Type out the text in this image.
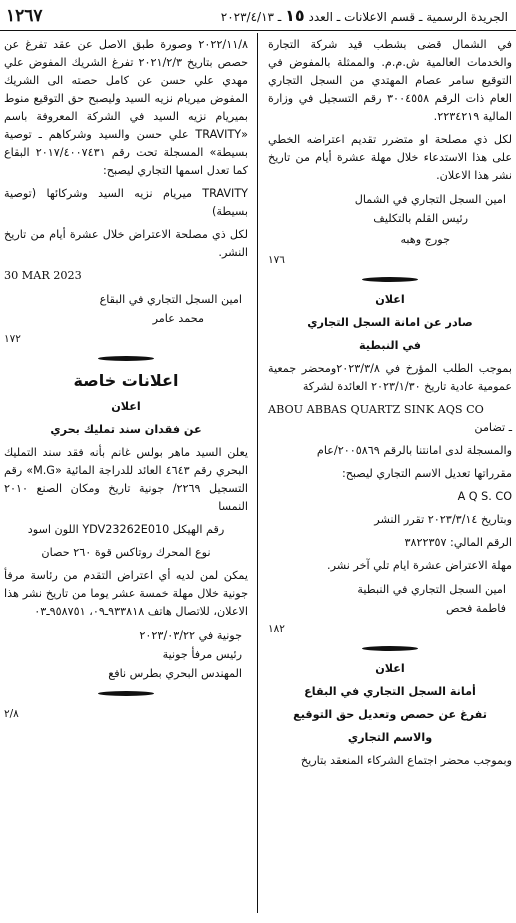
١٢٦٧	الجريدة الرسمية ـ قسم الاعلانات ـ العدد ١٥ ـ ٢٠٢٣/٤/١٣

في الشمال قضى بشطب قيد شركة التجارة والخدمات العالمية ش.م.م. والممثلة بالمفوض في التوقيع سامر عصام المهتدي من السجل التجاري العام ذات الرقم ٣٠٠٤٥٥٨ رقم التسجيل في وزارة المالية ٢٢٣٤٢١٩.

لكل ذي مصلحة او متضرر تقديم اعتراضه الخطي على هذا الاستدعاء خلال مهلة عشرة أيام من تاريخ نشر هذا الاعلان.

امين السجل التجاري في الشمال

رئيس القلم بالتكليف

جورج وهبه

١٧٦

اعلان

صادر عن امانة السجل التجاري

في النبطية

بموجب الطلب المؤرخ في ٢٠٢٣/٣/٨ومحضر جمعية عمومية عادية تاريخ ٢٠٢٣/١/٣٠ العائدة لشركة

ABOU ABBAS QUARTZ SINK AQS CO

ـ تضامن

والمسجلة لدى امانتنا بالرقم ٢٠٠٥٨٦٩/عام

مقرراتها تعديل الاسم التجاري ليصبح:

A Q S. CO

وبتاريخ ٢٠٢٣/٣/١٤ تقرر النشر

الرقم المالي: ٣٨٢٢٣٥٧

مهلة الاعتراض عشرة ايام تلي آخر نشر.

امين السجل التجاري في النبطية

فاطمة فحص

١٨٢

اعلان

أمانة السجل التجاري في البقاع

تفرغ عن حصص وتعديل حق التوقيع

والاسم التجاري

وبموجب محضر اجتماع الشركاء المنعقد بتاريخ

٢٠٢٢/١١/٨ وصورة طبق الاصل عن عقد تفرغ عن حصص بتاريخ ٢٠٢١/٢/٣ تفرغ الشريك المفوض علي مهدي علي حسن عن كامل حصته الى الشريك المفوض ميريام نزيه السيد وليصبح حق التوقيع منوط بميريام نزيه السيد في الشركة المعروفة باسم «TRAVITY علي حسن والسيد وشركاهم ـ توصية بسيطة» المسجلة تحت رقم ٢٠١٧/٤٠٠٧٤٣١ البقاع كما تعدل اسمها التجاري ليصبح:

TRAVITY ميريام نزيه السيد وشركائها (توصية بسيطة)

لكل ذي مصلحة الاعتراض خلال عشرة أيام من تاريخ النشر.

30 MAR 2023

امين السجل التجاري في البقاع

محمد عامر

١٧٢
اعلانات خاصة

اعلان

عن فقدان سند تمليك بحري

يعلن السيد ماهر بولس غانم بأنه فقد سند التمليك البحري رقم ٤٦٤٣ العائد للدراجة المائية «M.G» رقم التسجيل ٢٢٦٩/ جونية تاريخ ومكان الصنع ٢٠١٠ النمسا

رقم الهيكل YDV23262E010 اللون اسود

نوع المحرك روتاكس قوة ٢٦٠ حصان

يمكن لمن لديه أي اعتراض التقدم من رئاسة مرفأ جونية خلال مهلة خمسة عشر يوما من تاريخ نشر هذا الاعلان، للاتصال هاتف ٩٣٣٨١٨ـ٠٩، ٩٥٨٧٥١ـ٠٣

جونية في ٢٠٢٣/٠٣/٢٢

رئيس مرفأ جونية

المهندس البحري بطرس نافع

٢/٨
